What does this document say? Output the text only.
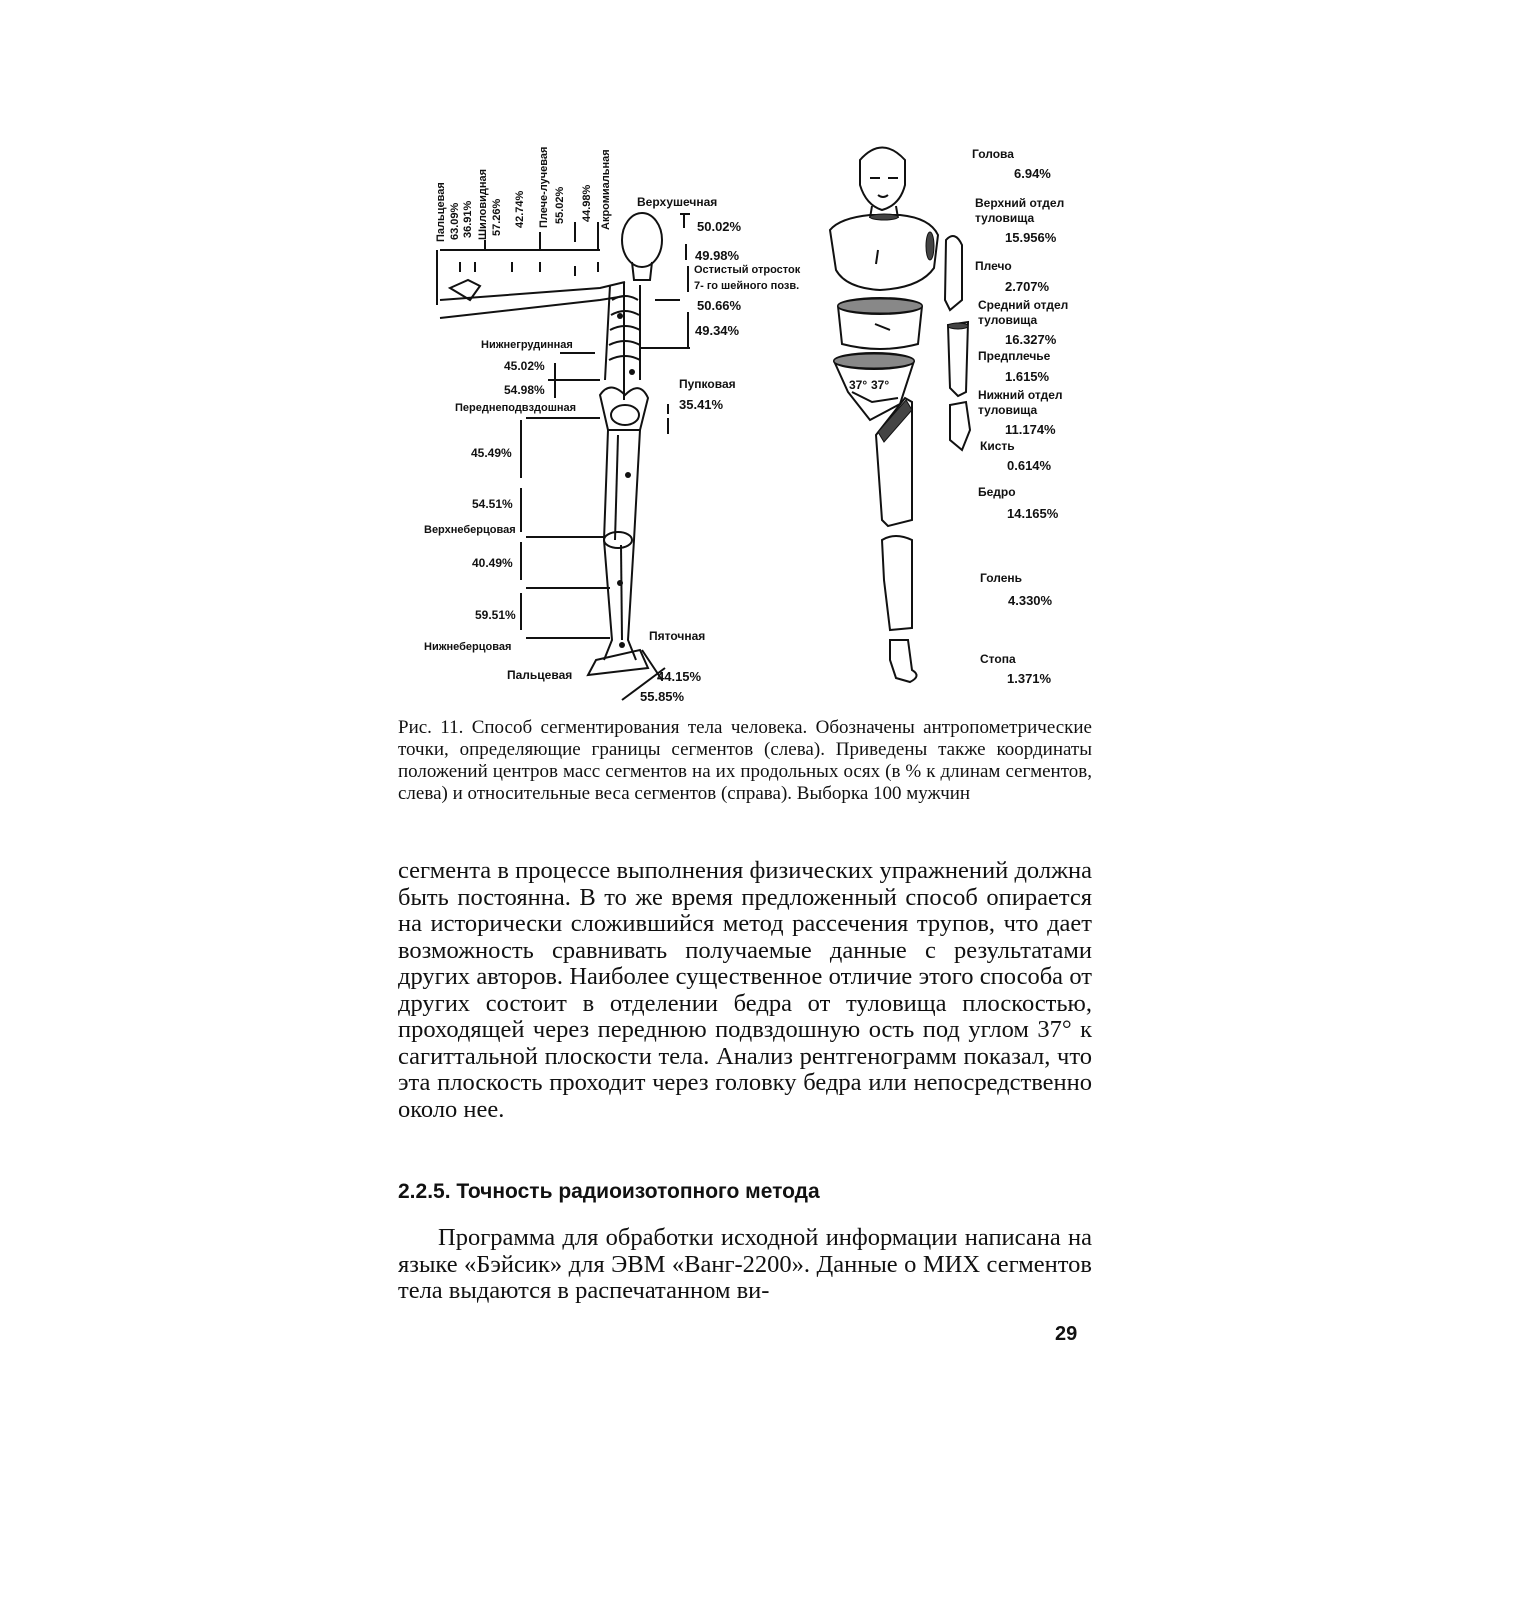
Пальцевая 63.09% 36.91% Шиловидная 57.26% 42.74% Плече-лучевая 55.02% 44.98% Акромиальная Верхушечная
50.02%
49.98%
Остистый отросток
7- го шейного позв.
50.66%
49.34%
Нижнегрудинная
45.02%
54.98%
Переднеподвздошная
Пупковая
35.41%
45.49%
54.51%
Верхнеберцовая
40.49%
59.51%
Нижнеберцовая
Пяточная
Пальцевая	44.15%
55.85%
37° 37°
Голова
6.94%
Верхний отдел туловища
15.956%
Плечо
2.707%
Средний отдел туловища
16.327%
Предплечье
1.615%
Нижний отдел туловища
11.174%
Кисть
0.614%
Бедро
14.165%
Голень
4.330%
Стопа
1.371%
Рис. 11. Способ сегментирования тела человека. Обозначены антропометрические точки, определяющие границы сегментов (слева). Приведены также координаты положений центров масс сегментов на их продольных осях (в % к длинам сегментов, слева) и относительные веса сегментов (справа). Выборка 100 мужчин
сегмента в процессе выполнения физических упражнений должна быть постоянна. В то же время предложенный способ опирается на исторически сложившийся метод рассечения трупов, что дает возможность сравнивать получаемые данные с результатами других авторов. Наиболее существенное отличие этого способа от других состоит в отделении бедра от туловища плоскостью, проходящей через переднюю подвздошную ость под углом 37° к сагиттальной плоскости тела. Анализ рентгенограмм показал, что эта плоскость проходит через головку бедра или непосредственно около нее.
2.2.5. Точность радиоизотопного метода
Программа для обработки исходной информации написана на языке «Бэйсик» для ЭВМ «Ванг-2200». Данные о МИХ сегментов тела выдаются в распечатанном ви-
29
